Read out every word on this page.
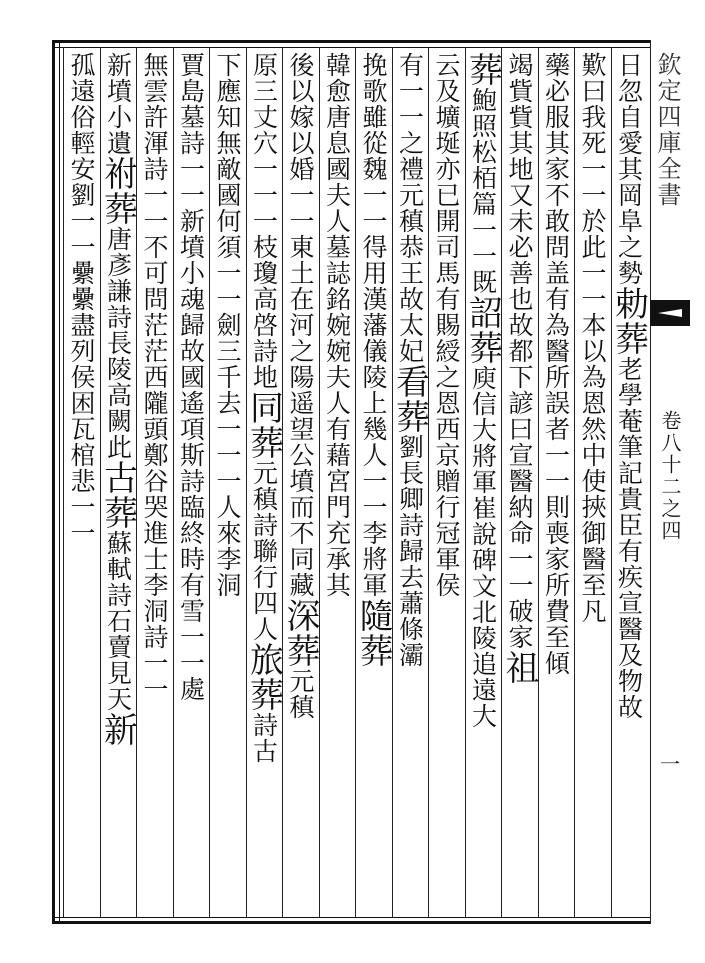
日忽自愛其岡阜之勢勅葬老學菴筆記貴臣有疾宣醫及物故
歎曰我死一一於此一一本以為恩然中使挾御醫至凡
藥必服其家不敢問盖有為醫所誤者一一則喪家所費至傾
竭貲貲其地又未必善也故都下諺曰宣醫納命一一破家祖
葬鮑照松栢篇一一既詔葬庾信大將軍崔說碑文北陵追遠大
云及壙埏亦已開司馬有賜綬之恩西京贈行冠軍侯
有一一之禮元稹恭王故太妃看葬劉長卿詩歸去蕭條灞
挽歌雖從魏一一得用漢藩儀陵上幾人一一李將軍隨葬
韓愈唐息國夫人墓誌銘婉婉夫人有藉宮門充承其
後以嫁以婚一一東土在河之陽遥望公墳而不同藏深葬元稹
原三丈穴一一一枝瓊高啓詩地同葬元稹詩聯行四人旅葬詩古
下應知無敵國何須一一劍三千去一一一人來李洞
賈島墓詩一一新墳小魂歸故國遙項斯詩臨終時有雪一一處
無雲許渾詩一一不可問茫茫西隴頭鄭谷哭進士李洞詩一一
新墳小遺祔葬唐彥謙詩長陵高闕此古葬蘇軾詩石賣見天新
孤遠俗輕安劉一一纍纍盡列侯困瓦棺悲一一
欽定四庫全書
卷八十二之四
一
